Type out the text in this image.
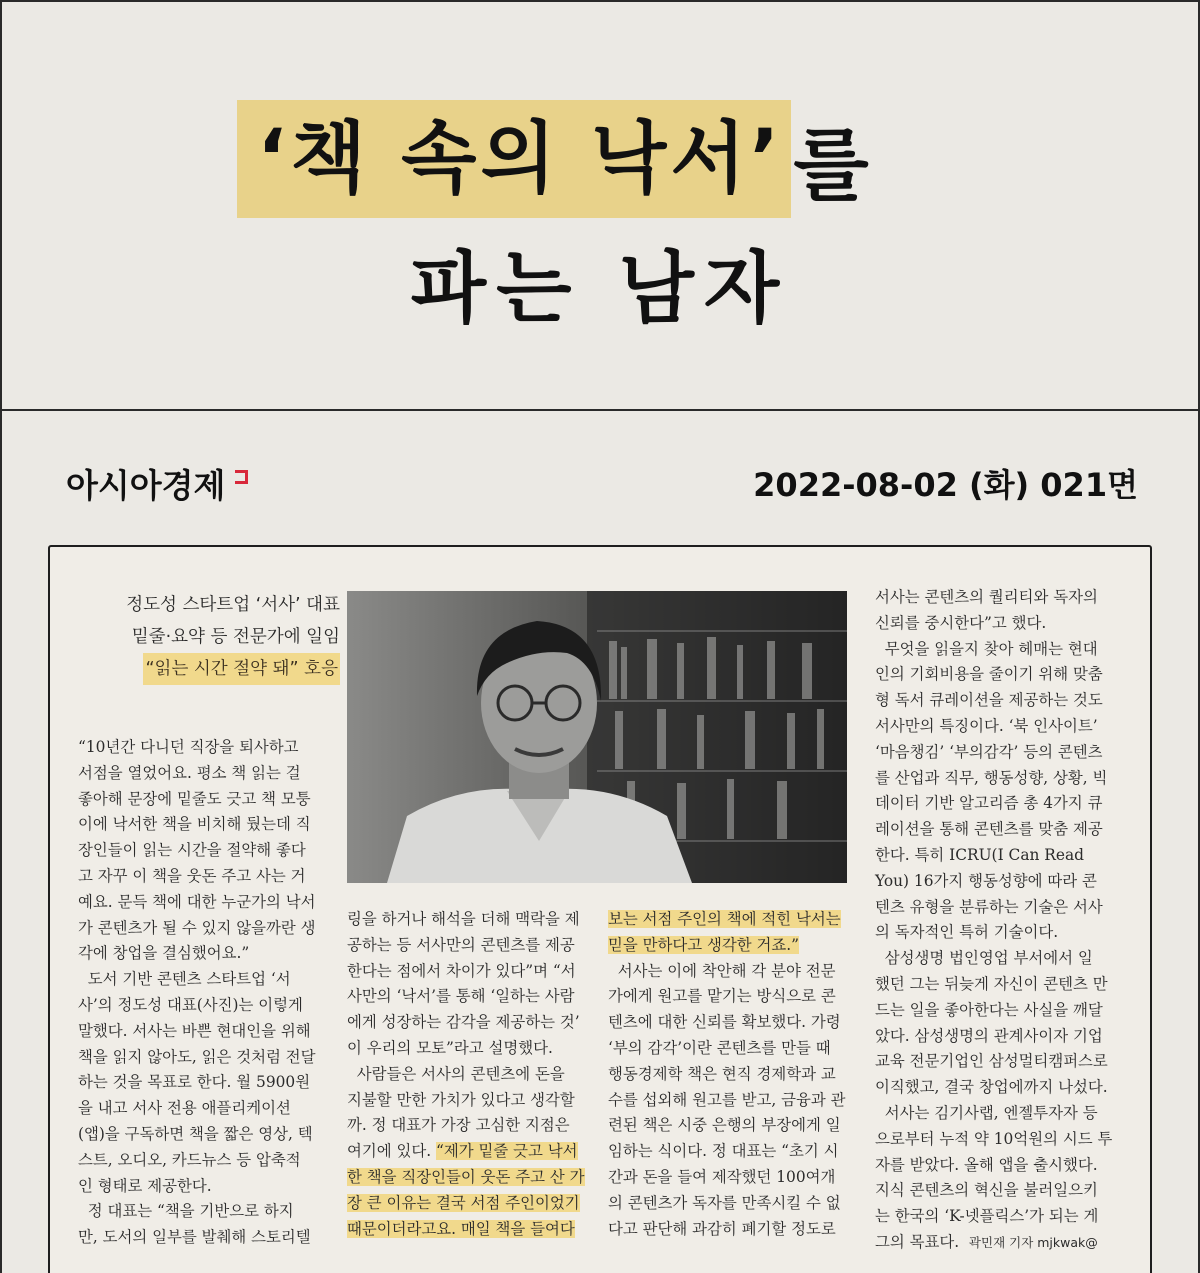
‘책 속의 낙서’ 를
파는 남자
아시아경제	2022-08-02 (화) 021면
정도성 스타트업 ‘서사’ 대표
밑줄·요약 등 전문가에 일임
“읽는 시간 절약 돼” 호응

“10년간 다니던 직장을 퇴사하고

서점을 열었어요. 평소 책 읽는 걸

좋아해 문장에 밑줄도 긋고 책 모퉁

이에 낙서한 책을 비치해 뒀는데 직

장인들이 읽는 시간을 절약해 좋다

고 자꾸 이 책을 웃돈 주고 사는 거

예요. 문득 책에 대한 누군가의 낙서

가 콘텐츠가 될 수 있지 않을까란 생

각에 창업을 결심했어요.”

도서 기반 콘텐츠 스타트업 ‘서

사’의 정도성 대표(사진)는 이렇게

말했다. 서사는 바쁜 현대인을 위해

책을 읽지 않아도, 읽은 것처럼 전달

하는 것을 목표로 한다. 월 5900원

을 내고 서사 전용 애플리케이션

(앱)을 구독하면 책을 짧은 영상, 텍

스트, 오디오, 카드뉴스 등 압축적

인 형태로 제공한다.

정 대표는 “책을 기반으로 하지

만, 도서의 일부를 발췌해 스토리텔

링을 하거나 해석을 더해 맥락을 제

공하는 등 서사만의 콘텐츠를 제공

한다는 점에서 차이가 있다”며 “서

사만의 ‘낙서’를 통해 ‘일하는 사람

에게 성장하는 감각을 제공하는 것’

이 우리의 모토”라고 설명했다.

사람들은 서사의 콘텐츠에 돈을

지불할 만한 가치가 있다고 생각할

까. 정 대표가 가장 고심한 지점은

여기에 있다. “제가 밑줄 긋고 낙서

한 책을 직장인들이 웃돈 주고 산 가

장 큰 이유는 결국 서점 주인이었기

때문이더라고요. 매일 책을 들여다

보는 서점 주인의 책에 적힌 낙서는

믿을 만하다고 생각한 거죠.”

서사는 이에 착안해 각 분야 전문

가에게 원고를 맡기는 방식으로 콘

텐츠에 대한 신뢰를 확보했다. 가령

‘부의 감각’이란 콘텐츠를 만들 때

행동경제학 책은 현직 경제학과 교

수를 섭외해 원고를 받고, 금융과 관

련된 책은 시중 은행의 부장에게 일

임하는 식이다. 정 대표는 “초기 시

간과 돈을 들여 제작했던 100여개

의 콘텐츠가 독자를 만족시킬 수 없

다고 판단해 과감히 폐기할 정도로

서사는 콘텐츠의 퀄리티와 독자의

신뢰를 중시한다”고 했다.

무엇을 읽을지 찾아 헤매는 현대

인의 기회비용을 줄이기 위해 맞춤

형 독서 큐레이션을 제공하는 것도

서사만의 특징이다. ‘북 인사이트’

‘마음챙김’ ‘부의감각’ 등의 콘텐츠

를 산업과 직무, 행동성향, 상황, 빅

데이터 기반 알고리즘 총 4가지 큐

레이션을 통해 콘텐츠를 맞춤 제공

한다. 특히 ICRU(I Can Read

You) 16가지 행동성향에 따라 콘

텐츠 유형을 분류하는 기술은 서사

의 독자적인 특허 기술이다.

삼성생명 법인영업 부서에서 일

했던 그는 뒤늦게 자신이 콘텐츠 만

드는 일을 좋아한다는 사실을 깨달

았다. 삼성생명의 관계사이자 기업

교육 전문기업인 삼성멀티캠퍼스로

이직했고, 결국 창업에까지 나섰다.

서사는 김기사랩, 엔젤투자자 등

으로부터 누적 약 10억원의 시드 투

자를 받았다. 올해 앱을 출시했다.

지식 콘텐츠의 혁신을 불러일으키

는 한국의 ‘K-넷플릭스’가 되는 게

그의 목표다. 곽민재 기자 mjkwak@
